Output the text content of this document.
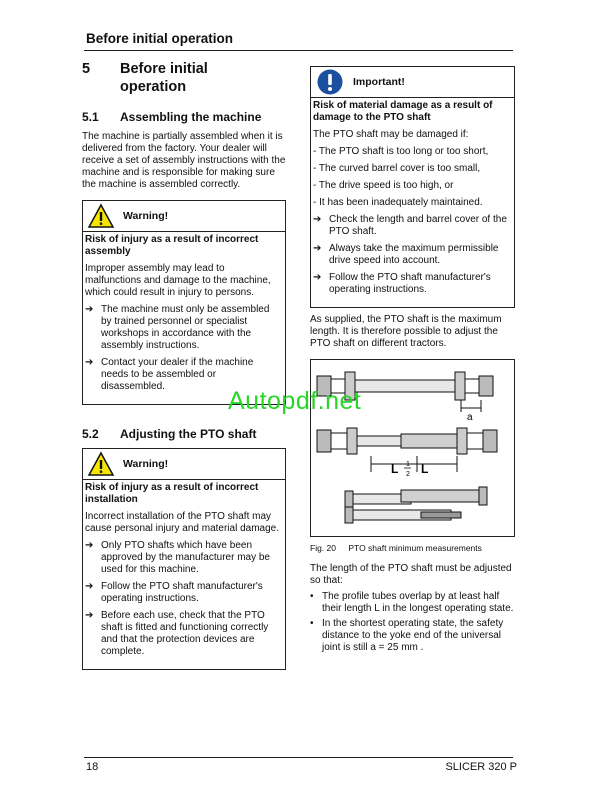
Before initial operation
18	SLICER 320 P
5	Before initial
operation
5.1	Assembling the machine

The machine is partially assembled when it is delivered from the factory. Your dealer will receive a set of assembly instructions with the machine and is responsible for making sure the machine is assembled correctly.

Warning!

Risk of injury as a result of incorrect assembly

Improper assembly may lead to malfunctions and damage to the machine, which could result in injury to persons.

➔ The machine must only be assembled by trained personnel or specialist workshops in accordance with the assembly instructions.
➔ Contact your dealer if the machine needs to be assembled or disassembled.
5.2	Adjusting the PTO shaft
Warning!

Risk of injury as a result of incorrect installation

Incorrect installation of the PTO shaft may cause personal injury and material damage.

➔ Only PTO shafts which have been approved by the manufacturer may be used for this machine.
➔ Follow the PTO shaft manufacturer's operating instructions.
➔ Before each use, check that the PTO shaft is fitted and functioning correctly and that the protection devices are complete.
Important!

Risk of material damage as a result of damage to the PTO shaft

The PTO shaft may be damaged if:

- The PTO shaft is too long or too short,

- The curved barrel cover is too small,

- The drive speed is too high, or

- It has been inadequately maintained.

➔ Check the length and barrel cover of the PTO shaft.
➔ Always take the maximum permissible drive speed into account.
➔ Follow the PTO shaft manufacturer's operating instructions.

As supplied, the PTO shaft is the maximum length. It is therefore possible to adjust the PTO shaft on different tractors.

a
L 1
2 L
Fig. 20 PTO shaft minimum measurements

The length of the PTO shaft must be adjusted so that:

• The profile tubes overlap by at least half their length L in the longest operating state.
• In the shortest operating state, the safety distance to the yoke end of the universal joint is still a = 25 mm .
Autopdf.net
